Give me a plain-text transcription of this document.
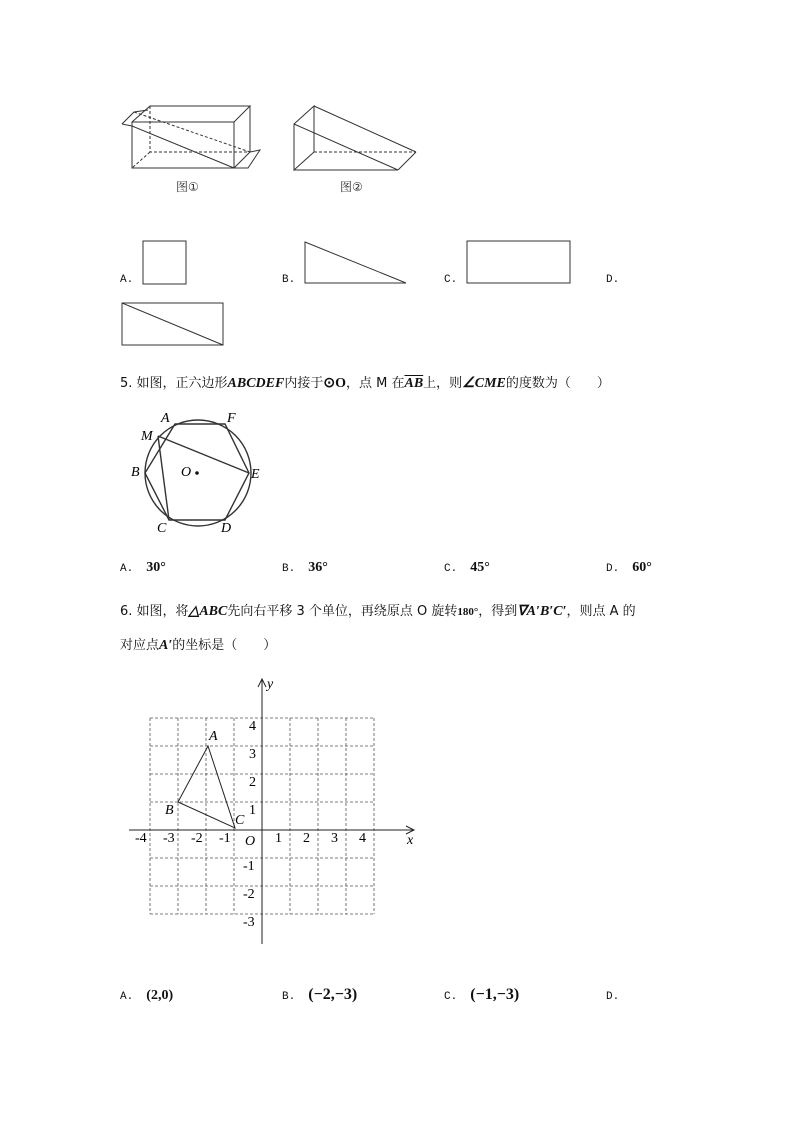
图①	图②
A.	B.	C.	D.
5. 如图，正六边形ABCDEF内接于⊙O，点 M 在$\overline{AB}$上，则∠CME的度数为（　　）
A	F
M
B	O	E
C	D
A. 30°	B. 36°	C. 45°	D. 60°
6. 如图，将△ABC先向右平移 3 个单位，再绕原点 O 旋转180°，得到∇A′B′C′，则点 A 的
对应点A′的坐标是（　　）
y
x
O
-4 -3 -2 -1	1 2 3 4
4
3
2
1
-1
-2
-3
A
B
C
A. (2,0)	B. (−2,−3)	C. (−1,−3)	D.
